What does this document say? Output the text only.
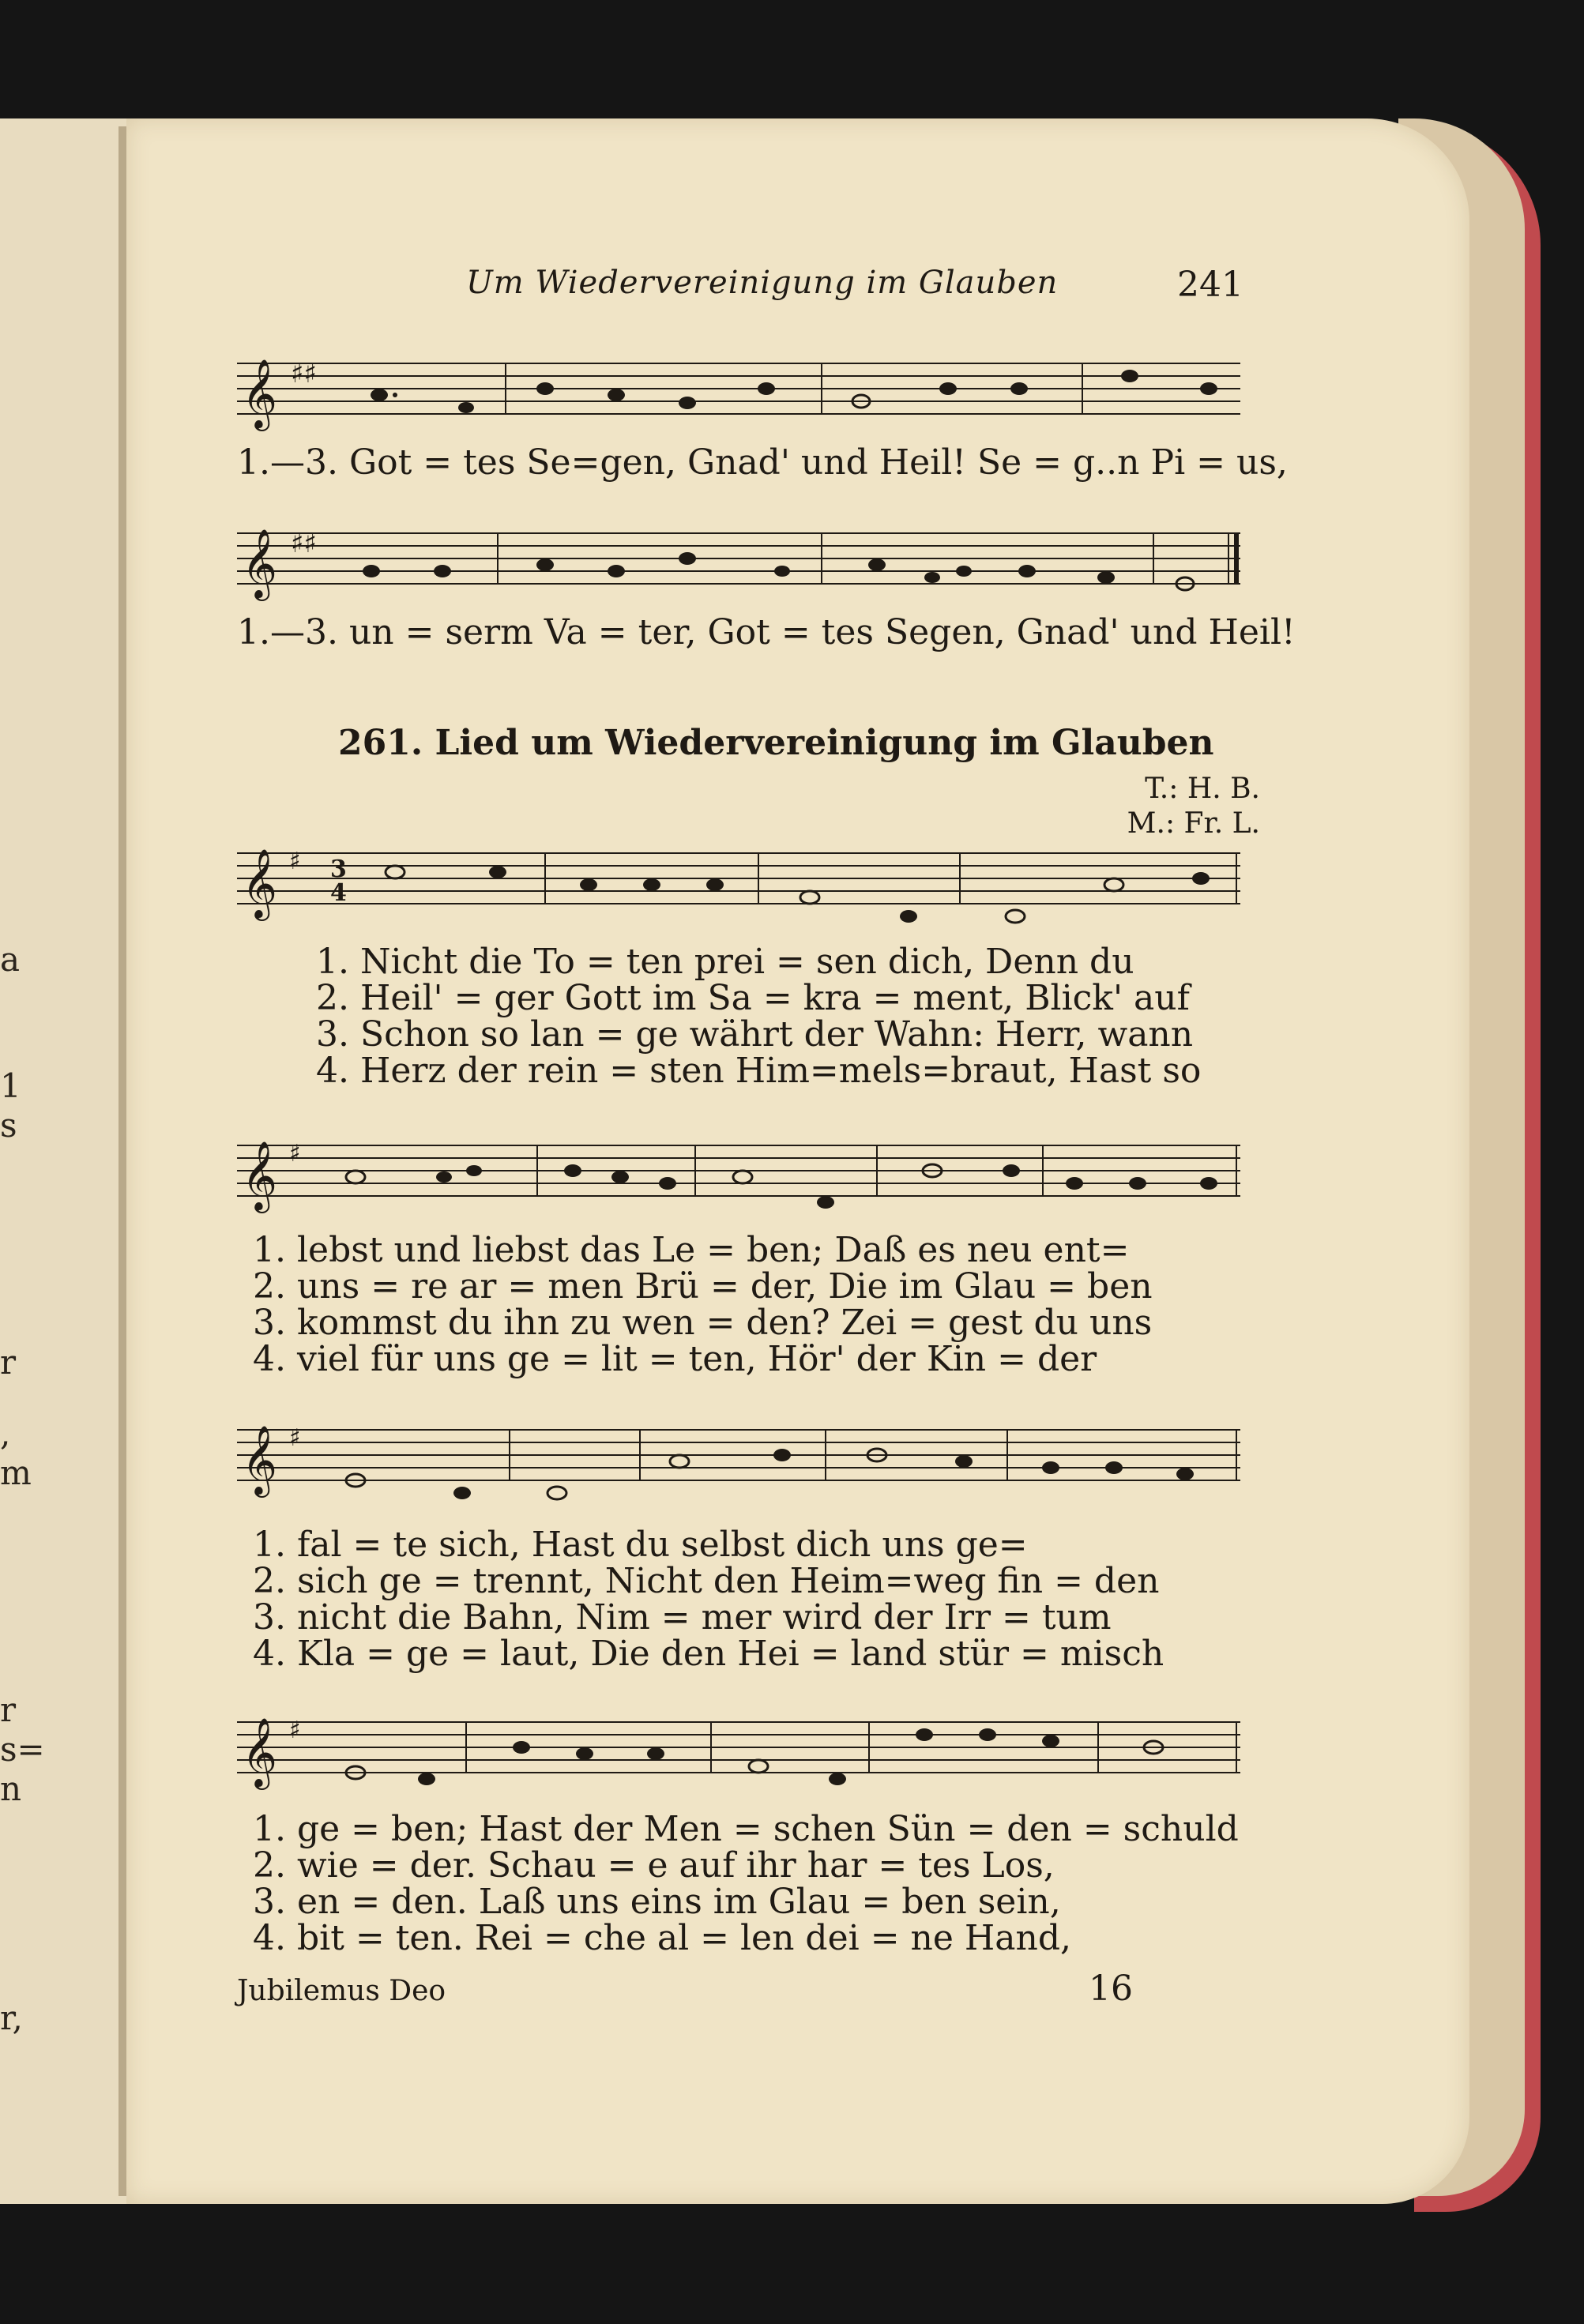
a
1
s
r
,
m
r
s=
n
r,
Um Wiedervereinigung im Glauben	241
𝄞 ♯♯
1.—3. Got = tes Se=gen, Gnad' und Heil! Se = g..n Pi = us,
𝄞 ♯♯
1.—3. un = serm Va = ter, Got = tes Segen, Gnad' und Heil!
261. Lied um Wiedervereinigung im Glauben
T.: H. B.
M.: Fr. L.
𝄞 ♯ 3
4
1. Nicht die To = ten prei = sen dich, Denn du
2. Heil' = ger Gott im Sa = kra = ment, Blick' auf
3. Schon so lan = ge währt der Wahn: Herr, wann
4. Herz der rein = sten Him=mels=braut, Hast so
𝄞 ♯
1. lebst und liebst das Le = ben; Daß es neu ent=
2. uns = re ar = men Brü = der, Die im Glau = ben
3. kommst du ihn zu wen = den? Zei = gest du uns
4. viel für uns ge = lit = ten, Hör' der Kin = der
𝄞 ♯
1. fal = te sich, Hast du selbst dich uns ge=
2. sich ge = trennt, Nicht den Heim=weg fin = den
3. nicht die Bahn, Nim = mer wird der Irr = tum
4. Kla = ge = laut, Die den Hei = land stür = misch
𝄞 ♯
1. ge = ben; Hast der Men = schen Sün = den = schuld
2. wie = der. Schau = e auf ihr har = tes Los,
3. en = den. Laß uns eins im Glau = ben sein,
4. bit = ten. Rei = che al = len dei = ne Hand,
Jubilemus Deo	16
